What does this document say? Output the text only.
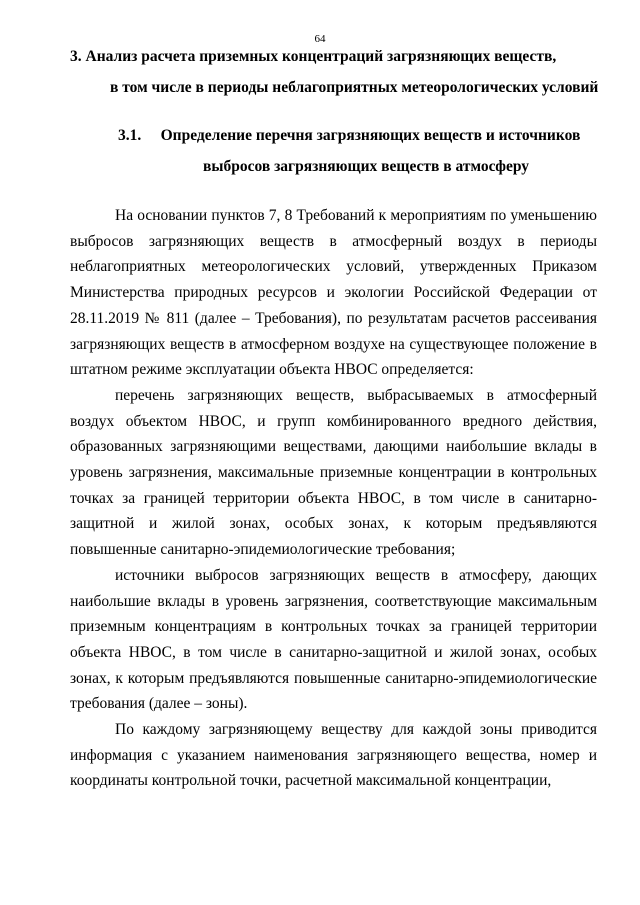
64
3. Анализ расчета приземных концентраций загрязняющих веществ,
в том числе в периоды неблагоприятных метеорологических условий
3.1.     Определение перечня загрязняющих веществ и источников
выбросов загрязняющих веществ в атмосферу

На основании пунктов 7, 8 Требований к мероприятиям по уменьшению выбросов загрязняющих веществ в атмосферный воздух в периоды неблагоприятных метеорологических условий, утвержденных Приказом Министерства природных ресурсов и экологии Российской Федерации от 28.11.2019 № 811 (далее – Требования), по результатам расчетов рассеивания загрязняющих веществ в атмосферном воздухе на существующее положение в штатном режиме эксплуатации объекта НВОС определяется:

перечень загрязняющих веществ, выбрасываемых в атмосферный воздух объектом НВОС, и групп комбинированного вредного действия, образованных загрязняющими веществами, дающими наибольшие вклады в уровень загрязнения, максимальные приземные концентрации в контрольных точках за границей территории объекта НВОС, в том числе в санитарно-защитной и жилой зонах, особых зонах, к которым предъявляются повышенные санитарно-эпидемиологические требования;

источники выбросов загрязняющих веществ в атмосферу, дающих наибольшие вклады в уровень загрязнения, соответствующие максимальным приземным концентрациям в контрольных точках за границей территории объекта НВОС, в том числе в санитарно-защитной и жилой зонах, особых зонах, к которым предъявляются повышенные санитарно-эпидемиологические требования (далее – зоны).

По каждому загрязняющему веществу для каждой зоны приводится информация с указанием наименования загрязняющего вещества, номер и координаты контрольной точки, расчетной максимальной концентрации,
